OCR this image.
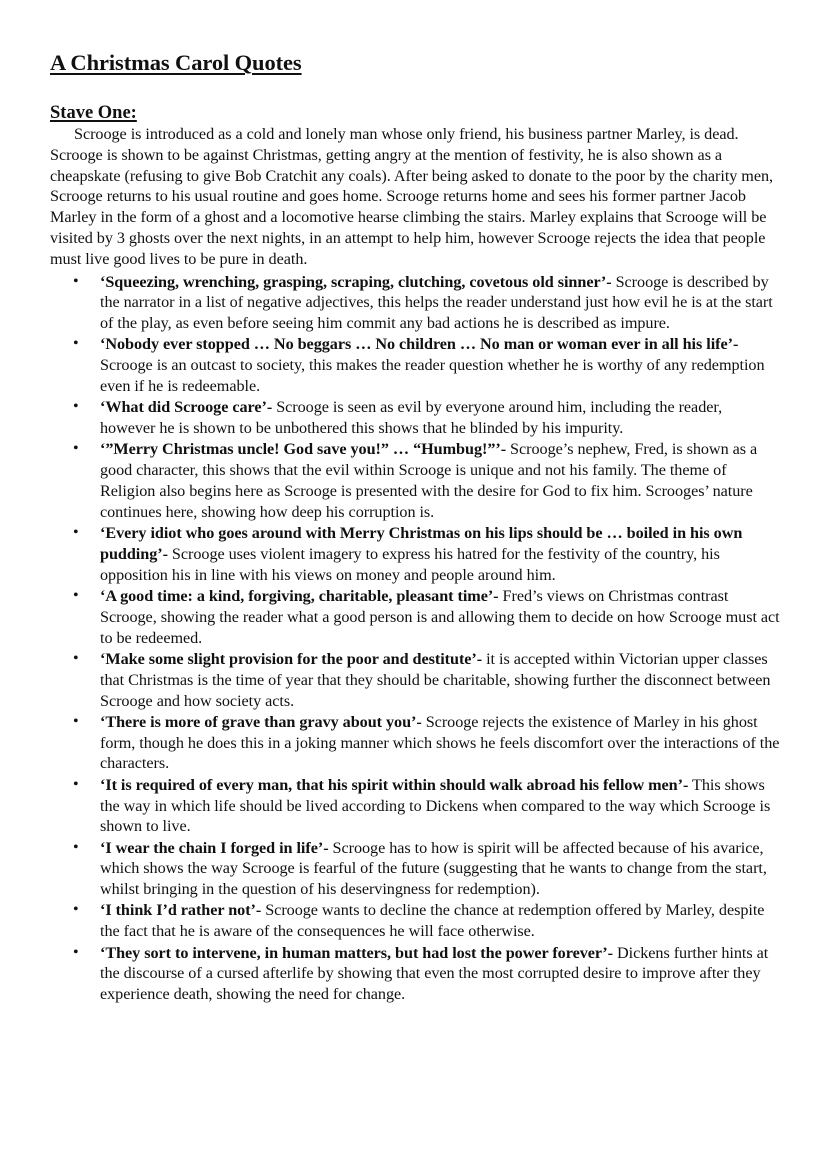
A Christmas Carol Quotes
Stave One:

Scrooge is introduced as a cold and lonely man whose only friend, his business partner Marley, is dead. Scrooge is shown to be against Christmas, getting angry at the mention of festivity, he is also shown as a cheapskate (refusing to give Bob Cratchit any coals). After being asked to donate to the poor by the charity men, Scrooge returns to his usual routine and goes home. Scrooge returns home and sees his former partner Jacob Marley in the form of a ghost and a locomotive hearse climbing the stairs. Marley explains that Scrooge will be visited by 3 ghosts over the next nights, in an attempt to help him, however Scrooge rejects the idea that people must live good lives to be pure in death.

• ‘Squeezing, wrenching, grasping, scraping, clutching, covetous old sinner’- Scrooge is described by the narrator in a list of negative adjectives, this helps the reader understand just how evil he is at the start of the play, as even before seeing him commit any bad actions he is described as impure.
• ‘Nobody ever stopped … No beggars … No children … No man or woman ever in all his life’- Scrooge is an outcast to society, this makes the reader question whether he is worthy of any redemption even if he is redeemable.
• ‘What did Scrooge care’- Scrooge is seen as evil by everyone around him, including the reader, however he is shown to be unbothered this shows that he blinded by his impurity.
• ‘”Merry Christmas uncle! God save you!” … “Humbug!”’- Scrooge’s nephew, Fred, is shown as a good character, this shows that the evil within Scrooge is unique and not his family. The theme of Religion also begins here as Scrooge is presented with the desire for God to fix him. Scrooges’ nature continues here, showing how deep his corruption is.
• ‘Every idiot who goes around with Merry Christmas on his lips should be … boiled in his own pudding’- Scrooge uses violent imagery to express his hatred for the festivity of the country, his opposition his in line with his views on money and people around him.
• ‘A good time: a kind, forgiving, charitable, pleasant time’- Fred’s views on Christmas contrast Scrooge, showing the reader what a good person is and allowing them to decide on how Scrooge must act to be redeemed.
• ‘Make some slight provision for the poor and destitute’- it is accepted within Victorian upper classes that Christmas is the time of year that they should be charitable, showing further the disconnect between Scrooge and how society acts.
• ‘There is more of grave than gravy about you’- Scrooge rejects the existence of Marley in his ghost form, though he does this in a joking manner which shows he feels discomfort over the interactions of the characters.
• ‘It is required of every man, that his spirit within should walk abroad his fellow men’- This shows the way in which life should be lived according to Dickens when compared to the way which Scrooge is shown to live.
• ‘I wear the chain I forged in life’- Scrooge has to how is spirit will be affected because of his avarice, which shows the way Scrooge is fearful of the future (suggesting that he wants to change from the start, whilst bringing in the question of his deservingness for redemption).
• ‘I think I’d rather not’- Scrooge wants to decline the chance at redemption offered by Marley, despite the fact that he is aware of the consequences he will face otherwise.
• ‘They sort to intervene, in human matters, but had lost the power forever’- Dickens further hints at the discourse of a cursed afterlife by showing that even the most corrupted desire to improve after they experience death, showing the need for change.
